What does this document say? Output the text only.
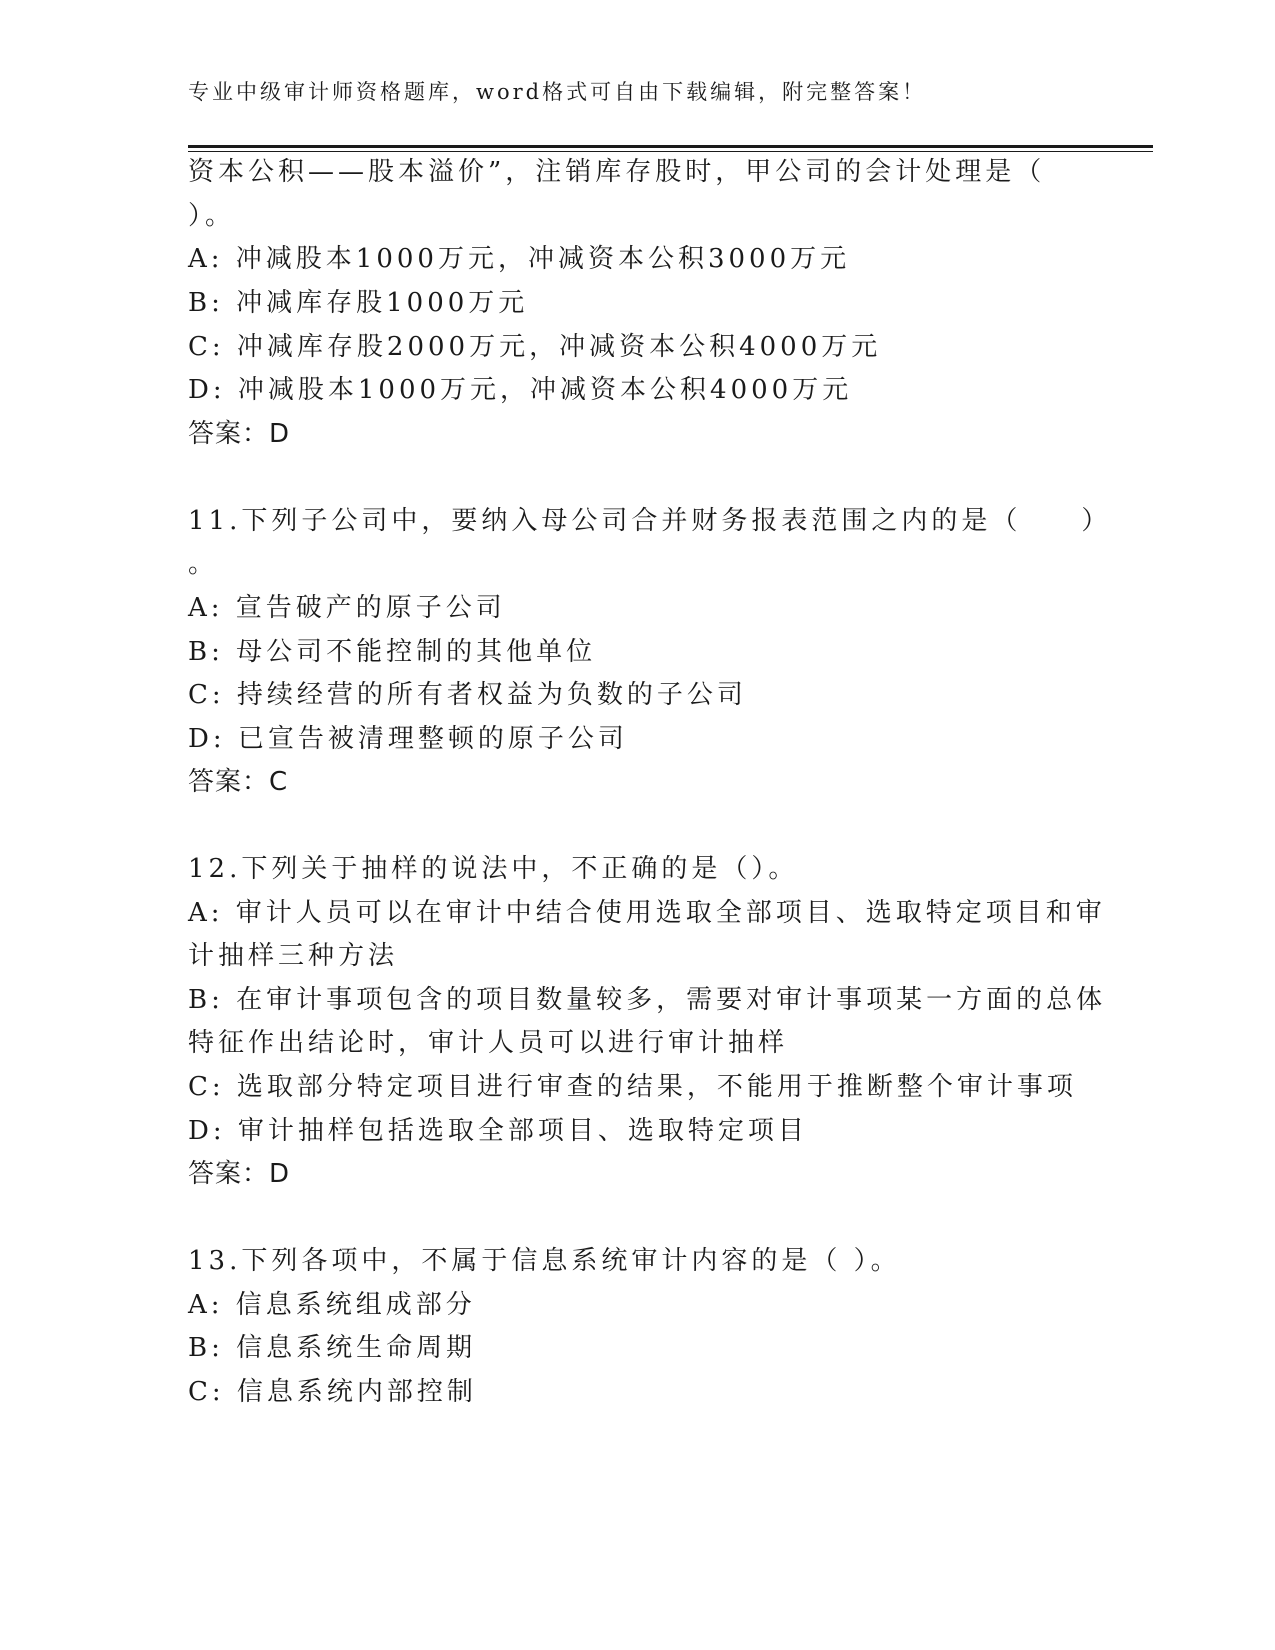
专业中级审计师资格题库，word格式可自由下载编辑，附完整答案！
资本公积——股本溢价”，注销库存股时，甲公司的会计处理是（
）。
A: 冲减股本1000万元，冲减资本公积3000万元
B: 冲减库存股1000万元
C: 冲减库存股2000万元，冲减资本公积4000万元
D: 冲减股本1000万元，冲减资本公积4000万元
答案：D
11.下列子公司中，要纳入母公司合并财务报表范围之内的是（　　）
。
A: 宣告破产的原子公司
B: 母公司不能控制的其他单位
C: 持续经营的所有者权益为负数的子公司
D: 已宣告被清理整顿的原子公司
答案：C
12.下列关于抽样的说法中，不正确的是（）。
A: 审计人员可以在审计中结合使用选取全部项目、选取特定项目和审
计抽样三种方法
B: 在审计事项包含的项目数量较多，需要对审计事项某一方面的总体
特征作出结论时，审计人员可以进行审计抽样
C: 选取部分特定项目进行审查的结果，不能用于推断整个审计事项
D: 审计抽样包括选取全部项目、选取特定项目
答案：D
13.下列各项中，不属于信息系统审计内容的是（ ）。
A: 信息系统组成部分
B: 信息系统生命周期
C: 信息系统内部控制
